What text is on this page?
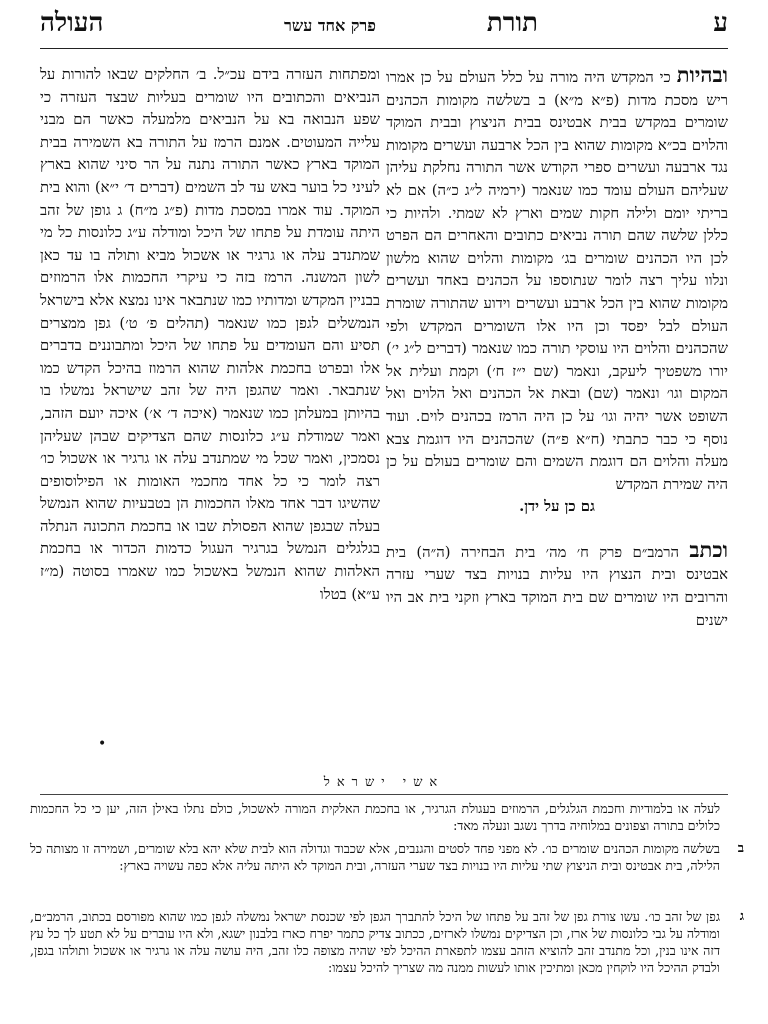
ע
תורת
פרק אחד עשר
העולה

ובהיות כי המקדש היה מורה על כלל העולם על כן אמרו ריש מסכת מדות (פ״א מ״א) ב בשלשה מקומות הכהנים שומרים במקדש בבית אבטינס בבית הניצוץ ובבית המוקד והלוים בכ״א מקומות שהוא בין הכל ארבעה ועשרים מקומות נגד ארבעה ועשרים ספרי הקודש אשר התורה נחלקת עליהן שעליהם העולם עומד כמו שנאמר (ירמיה ל״ג כ״ה) אם לא בריתי יומם ולילה חקות שמים וארץ לא שמתי. ולהיות כי כללן שלשה שהם תורה נביאים כתובים והאחרים הם הפרט לכן היו הכהנים שומרים בג׳ מקומות והלוים שהוא מלשון ונלוו עליך רצה לומר שנתוספו על הכהנים באחד ועשרים מקומות שהוא בין הכל ארבע ועשרים וידוע שהתורה שומרת העולם לבל יפסד וכן היו אלו השומרים המקדש ולפי שהכהנים והלוים היו עוסקי תורה כמו שנאמר (דברים ל״ג י׳) יורו משפטיך ליעקב, ונאמר (שם י״ז ח׳) וקמת ועלית אל המקום וגו׳ ונאמר (שם) ובאת אל הכהנים ואל הלוים ואל השופט אשר יהיה וגו׳ על כן היה הרמז בכהנים לוים. ועוד נוסף כי כבר כתבתי (ח״א פ״ה) שהכהנים היו דוגמת צבא מעלה והלוים הם דוגמת השמים והם שומרים בעולם על כן היה שמירת המקדש

גם כן על ידן.

וכתב הרמב״ם פרק ח׳ מה׳ בית הבחירה (ה״ה) בית אבטינס ובית הנצוץ היו עליות בנויות בצד שערי עזרה והרובים היו שומרים שם בית המוקד בארץ וזקני בית אב היו ישנים

ומפתחות העזרה בידם עכ״ל. ב׳ החלקים שבאו להורות על הנביאים והכתובים היו שומרים בעליות שבצד העזרה כי שפע הנבואה בא על הנביאים מלמעלה כאשר הם מבני עלייה המעוטים. אמנם הרמז על התורה בא השמירה בבית המוקד בארץ כאשר התורה נתנה על הר סיני שהוא בארץ לעיני כל בוער באש עד לב השמים (דברים ד׳ י״א) והוא בית המוקד. עוד אמרו במסכת מדות (פ״ג מ״ח) ג גופן של זהב היתה עומדת על פתחו של היכל ומודלה ע״ג כלונסות כל מי שמתנדב עלה או גרגיר או אשכול מביא ותולה בו עד כאן לשון המשנה. הרמז בזה כי עיקרי החכמות אלו הרמוזים בבניין המקדש ומדותיו כמו שנתבאר אינו נמצא אלא בישראל הנמשלים לגפן כמו שנאמר (תהלים פ׳ ט׳) גפן ממצרים תסיע והם העומדים על פתחו של היכל ומתבוננים בדברים אלו ובפרט בחכמת אלהות שהוא הרמוז בהיכל הקדש כמו שנתבאר. ואמר שהגפן היה של זהב שישראל נמשלו בו בהיותן במעלתן כמו שנאמר (איכה ד׳ א׳) איכה יועם הזהב, ואמר שמודלת ע״ג כלונסות שהם הצדיקים שבהן שעליהן נסמכין, ואמר שכל מי שמתנדב עלה או גרגיר או אשכול כו׳ רצה לומר כי כל אחד מחכמי האומות או הפילוסופים שהשיגו דבר אחד מאלו החכמות הן בטבעיות שהוא הנמשל בעלה שבגפן שהוא הפסולת שבו או בחכמת התכונה הנתלה בגלגלים הנמשל בגרגיר העגול כדמות הכדור או בחכמת האלהות שהוא הנמשל באשכול כמו שאמרו בסוטה (מ״ז ע״א) בטלו

•
אשי ישראל
לעלה או בלמודיות וחכמת הגלגלים, הרמוזים בעגולת הגרגיר, או בחכמת האלקית המורה לאשכול, כולם נתלו באילן הזה, יען כי כל החכמות כלולים בתורה וצפונים במלוחיה בדרך נשגב ונעלה מאד:
ב
בשלשה מקומות הכהנים שומרים כו׳. לא מפני פחד לסטים והגנבים, אלא שכבוד וגדולה הוא לבית שלא יהא בלא שומרים, ושמירה זו מצותה כל הלילה, בית אבטינס ובית הניצוץ שתי עליות היו בנויות בצד שערי העזרה, ובית המוקד לא היתה עליה אלא כפה עשויה בארץ:
ג
גפן של זהב כו׳. עשו צורת גפן של זהב על פתחו של היכל להתברך הגפן לפי שכנסת ישראל נמשלה לגפן כמו שהוא מפורסם בכתוב, הרמב״ם, ומודלה על גבי כלונסות של ארז, וכן הצדיקים נמשלו לארזים, ככתוב צדיק כתמר יפרח כארז בלבנון ישגא, ולא היו עוברים על לא תטע לך כל עץ דזה אינו בנין, וכל מתנדב זהב להוציא הזהב עצמו לתפארת ההיכל לפי שהיה מצופה כלו זהב, היה עושה עלה או גרגיר או אשכול ותולהו בגפן, ולבדק ההיכל היו לוקחין מכאן ומתיכין אותו לעשות ממנה מה שצריך להיכל עצמו:
